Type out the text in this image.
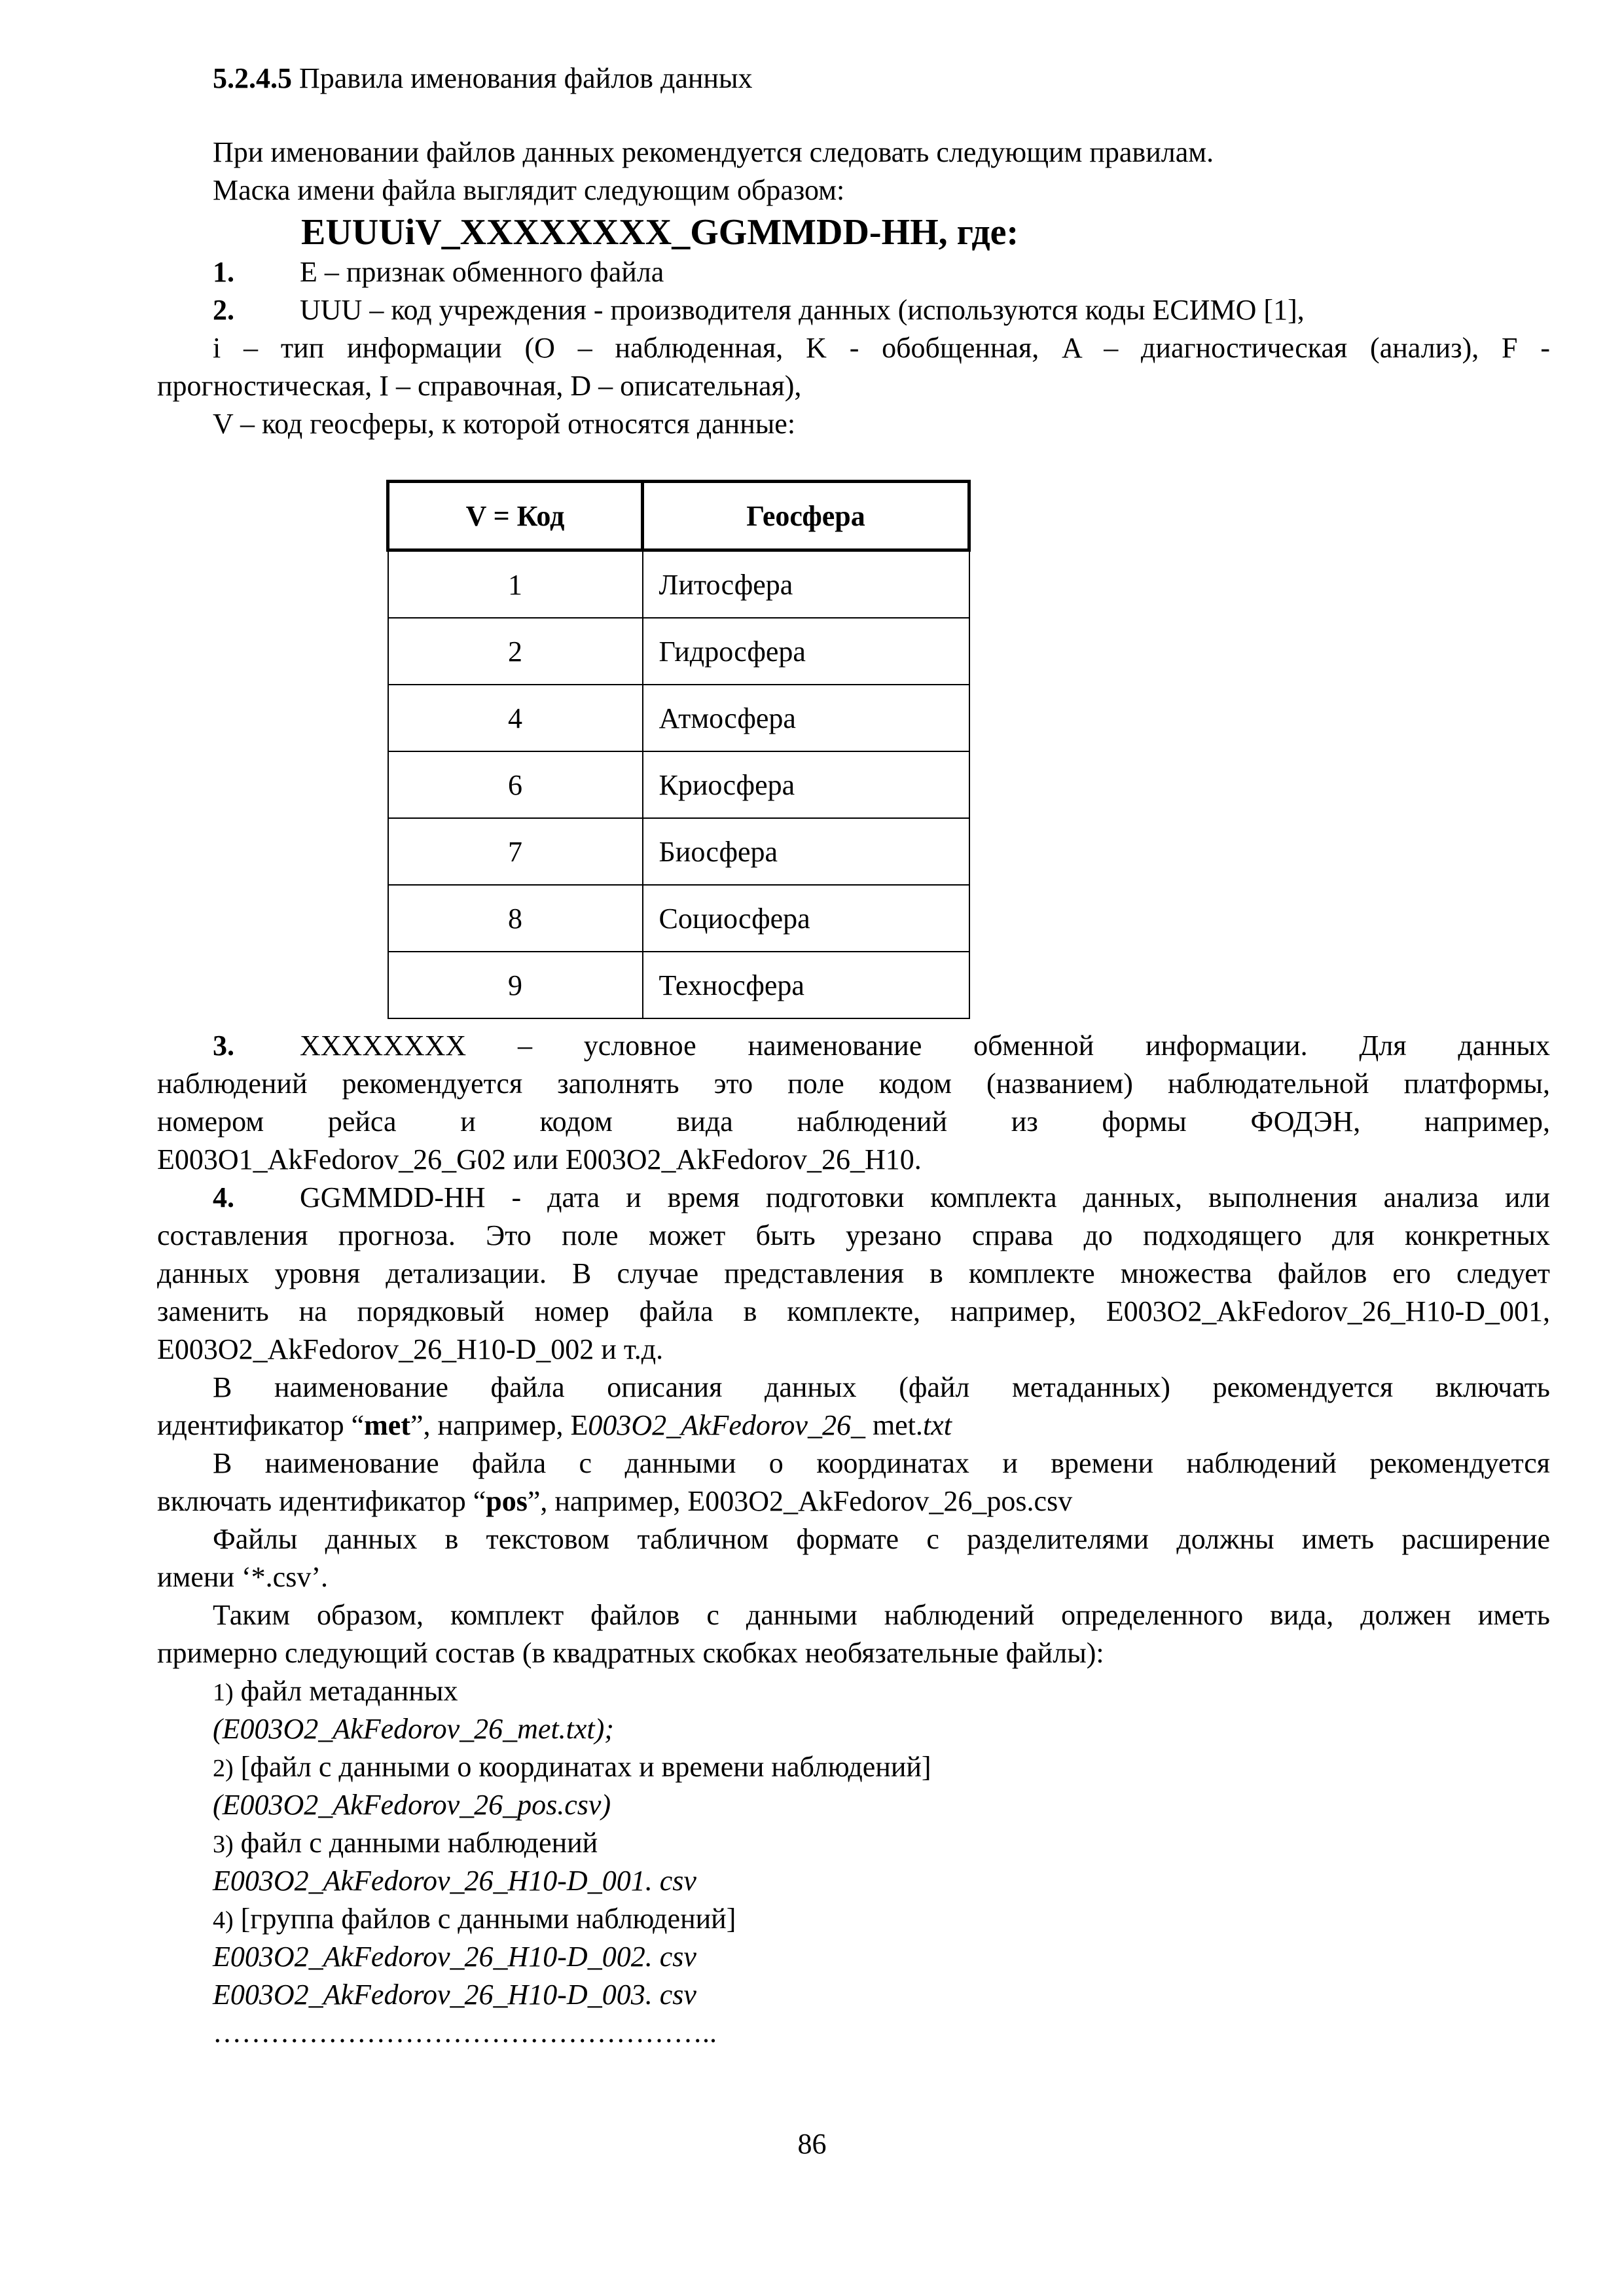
5.2.4.5 Правила именования файлов данных
При именовании файлов данных рекомендуется следовать следующим правилам.
Маска имени файла выглядит следующим образом:
EUUUiV_XXXXXXXX_GGMMDD-HH, где:
1. E – признак обменного файла
2. UUU – код учреждения - производителя данных (используются коды ЕСИМО [1],
i – тип информации (O – наблюденная, K - обобщенная, A – диагностическая (анализ), F -
прогностическая, I – справочная, D – описательная),
V – код геосферы, к которой относятся данные:
V = Код	Геосфера
1	Литосфера
2	Гидросфера
4	Атмосфера
6	Криосфера
7	Биосфера
8	Социосфера
9	Техносфера
3. XXXXXXXX – условное наименование обменной информации. Для данных
наблюдений рекомендуется заполнять это поле кодом (названием) наблюдательной платформы,
номером рейса и кодом вида наблюдений из формы ФОДЭН, например,
E003O1_AkFedorov_26_G02 или E003O2_AkFedorov_26_H10.
4. GGMMDD-HH - дата и время подготовки комплекта данных, выполнения анализа или
составления прогноза. Это поле может быть урезано справа до подходящего для конкретных
данных уровня детализации. В случае представления в комплекте множества файлов его следует
заменить на порядковый номер файла в комплекте, например, E003O2_AkFedorov_26_H10-D_001,
E003O2_AkFedorov_26_H10-D_002 и т.д.
В наименование файла описания данных (файл метаданных) рекомендуется включать
идентификатор “met”, например, E003O2_AkFedorov_26_ met.txt
В наименование файла с данными о координатах и времени наблюдений рекомендуется
включать идентификатор “pos”, например, E003O2_AkFedorov_26_pos.csv
Файлы данных в текстовом табличном формате с разделителями должны иметь расширение
имени ‘*.csv’.
Таким образом, комплект файлов с данными наблюдений определенного вида, должен иметь
примерно следующий состав (в квадратных скобках необязательные файлы):
1) файл метаданных
(E003O2_AkFedorov_26_met.txt);
2) [файл с данными о координатах и времени наблюдений]
(E003O2_AkFedorov_26_pos.csv)
3) файл с данными наблюдений
E003O2_AkFedorov_26_H10-D_001. csv
4) [группа файлов с данными наблюдений]
E003O2_AkFedorov_26_H10-D_002. csv
E003O2_AkFedorov_26_H10-D_003. csv
……………………………………………..
86
